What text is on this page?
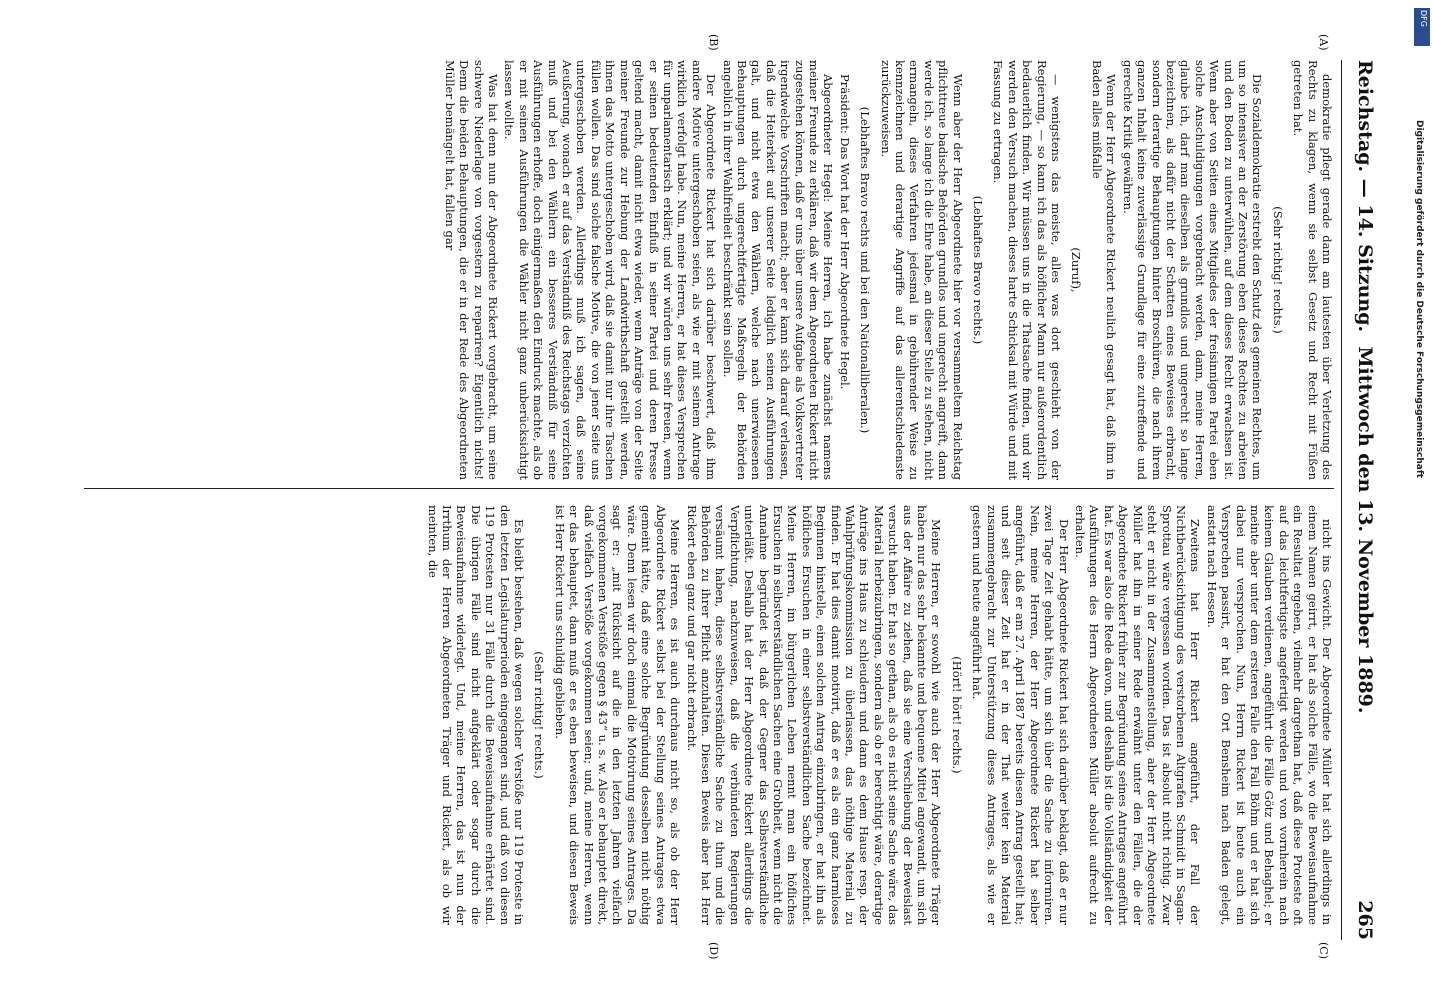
Reichstag. — 14. Sitzung.
Mittwoch den 13. November 1889.
265
(A)
(B)
(C)
(D)

demokratie pflegt gerade dann am lautesten über Verletzung des Rechts zu klagen, wenn sie selbst Gesetz und Recht mit Füßen getreten hat.

(Sehr richtig! rechts.)

Die Sozialdemokratie erstrebt den Schutz des gemeinen Rechtes, um um so intensiver an der Zerstörung eben dieses Rechtes zu arbeiten und den Boden zu unterwühlen, auf dem dieses Recht erwachsen ist. Wenn aber von Seiten eines Mitgliedes der freisinnigen Partei eben solche Anschuldigungen vorgebracht werden, dann, meine Herren, glaube ich, darf man dieselben als grundlos und ungerecht so lange bezeichnen, als dafür nicht der Schatten eines Beweises erbracht, sondern derartige Behauptungen hinter Broschüren, die nach ihrem ganzen Inhalt keine zuverlässige Grundlage für eine zutreffende und gerechte Kritik gewähren.

Wenn der Herr Abgeordnete Rickert neulich gesagt hat, daß ihm in Baden alles mißfalle

(Zuruf),

— wenigstens das meiste, alles was dort geschieht von der Regierung, — so kann ich das als höflicher Mann nur außerordentlich bedauerlich finden. Wir müssen uns in die Thatsache finden, und wir werden den Versuch machen, dieses harte Schicksal mit Würde und mit Fassung zu ertragen.

(Lebhaftes Bravo rechts.)

Wenn aber der Herr Abgeordnete hier vor versammeltem Reichstag pflichttreue badische Behörden grundlos und ungerecht angreift, dann werde ich, so lange ich die Ehre habe, an dieser Stelle zu stehen, nicht ermangeln, dieses Verfahren jedesmal in gebührender Weise zu kennzeichnen und derartige Angriffe auf das allerentschiedenste zurückzuweisen.

(Lebhaftes Bravo rechts und bei den Nationalliberalen.)

Präsident: Das Wort hat der Herr Abgeordnete Hegel.

Abgeordneter Hegel: Meine Herren, ich habe zunächst namens meiner Freunde zu erklären, daß wir dem Abgeordneten Rickert nicht zugestehen können, daß er uns über unsere Aufgabe als Volksvertreter irgendwelche Vorschriften macht; aber er kann sich darauf verlassen, daß die Heiterkeit auf unserer Seite lediglich seinen Ausführungen galt, und nicht etwa den Wählern, welche nach unerwiesenen Behauptungen durch ungerechtfertigte Maßregeln der Behörden angeblich in ihrer Wahlfreiheit beschränkt sein sollen.

Der Abgeordnete Rickert hat sich darüber beschwert, daß ihm andere Motive untergeschoben seien, als wie er mit seinem Antrage wirklich verfolgt habe. Nun, meine Herren, er hat dieses Versprechen für unparlamentarisch erklärt; und wir würden uns sehr freuen, wenn er seinen bedeutenden Einfluß in seiner Partei und deren Presse geltend macht, damit nicht etwa wieder, wenn Anträge von der Seite meiner Freunde zur Hebung der Landwirthschaft gestellt werden, ihnen das Motto untergeschoben wird, daß sie damit nur ihre Taschen füllen wollen. Das sind solche falsche Motive, die von jener Seite uns untergeschoben werden. Allerdings muß ich sagen, daß seine Aeußerung, wonach er auf das Verständniß des Reichstags verzichten muß und bei den Wählern ein besseres Verständniß für seine Ausführungen erhoffe, doch einigermaßen den Eindruck machte, als ob er mit seinen Ausführungen die Wähler nicht ganz unberücksichtigt lassen wollte.

Was hat denn nun der Abgeordnete Rickert vorgebracht, um seine schwere Niederlage von vorgestern zu repariren? Eigentlich nichts! Denn die beiden Behauptungen, die er in der Rede des Abgeordneten Müller bemängelt hat, fallen gar

nicht ins Gewicht. Der Abgeordnete Müller hat sich allerdings in einem Namen geirrt, er hat als solche Fälle, wo die Beweisaufnahme ein Resultat ergeben, vielmehr dargethan hat, daß diese Proteste oft auf das leichtfertigste angefertigt werden und von vornherein nach keinem Glauben verdienen, angeführt die Fälle Götz und Behaghel; er meinte aber unter dem ersteren Falle den Fall Böhm und er hat sich dabei nur versprochen. Nun, Herrn Rickert ist heute auch ein Versprechen passirt, er hat den Ort Bensheim nach Baden gelegt, anstatt nach Hessen.

Zweitens hat Herr Rickert angeführt, der Fall der Nichtberücksichtigung des verstorbenen Altgrafen Schmidt in Sagan-Sprottau wäre vergessen worden. Das ist absolut nicht richtig. Zwar steht er nicht in der Zusammenstellung, aber der Herr Abgeordnete Müller hat ihn in seiner Rede erwähnt unter den Fällen, die der Abgeordnete Rickert früher zur Begründung seines Antrages angeführt hat. Es war also die Rede davon, und deshalb ist die Vollständigkeit der Ausführungen des Herrn Abgeordneten Müller absolut aufrecht zu erhalten.

Der Herr Abgeordnete Rickert hat sich darüber beklagt, daß er nur zwei Tage Zeit gehabt hätte, um sich über die Sache zu informiren. Nein, meine Herren, der Herr Abgeordnete Rickert hat selber angeführt, daß er am 27. April 1887 bereits diesen Antrag gestellt hat; und seit dieser Zeit hat er in der That weiter kein Material zusammengebracht zur Unterstützung dieses Antrages, als wie er gestern und heute angeführt hat.

(Hört! hört! rechts.)

Meine Herren, er sowohl wie auch der Herr Abgeordnete Träger haben nur das sehr bekannte und bequeme Mittel angewandt, um sich aus der Affaire zu ziehen, daß sie eine Verschiebung der Beweislast versucht haben. Er hat so gethan, als ob es nicht seine Sache wäre, das Material herbeizubringen, sondern als ob er berechtigt wäre, derartige Anträge ins Haus zu schleudern und dann es dem Hause resp. der Wahlprüfungskommission zu überlassen, das nöthige Material zu finden. Er hat dies damit motivirt, daß er es als ein ganz harmloses Beginnen hinstelle, einen solchen Antrag einzubringen, er hat ihn als höfliches Ersuchen in einer selbstverständlichen Sache bezeichnet. Meine Herren, im bürgerlichen Leben nennt man ein höfliches Ersuchen in selbstverständlichen Sachen eine Grobheit, wenn nicht die Annahme begründet ist, daß der Gegner das Selbstverständliche unterläßt. Deshalb hat der Herr Abgeordnete Rickert allerdings die Verpflichtung, nachzuweisen, daß die verbündeten Regierungen versäumt haben, diese selbstverständliche Sache zu thun und die Behörden zu ihrer Pflicht anzuhalten. Diesen Beweis aber hat Herr Rickert eben ganz und gar nicht erbracht.

Meine Herren, es ist auch durchaus nicht so, als ob der Herr Abgeordnete Rickert selbst bei der Stellung seines Antrages etwa gemeint hätte, daß eine solche Begründung desselben nicht nöthig wäre. Denn lesen wir doch einmal die Motivirung seines Antrages. Da sagt er: „mit Rücksicht auf die in den letzten Jahren vielfach vorgekommenen Verstöße gegen § 43“ u. s. w. Also er behauptet direkt, daß vielfach Verstöße vorgekommen seien; und, meine Herren, wenn er das behauptet, dann muß er es eben beweisen, und diesen Beweis ist Herr Rickert uns schuldig geblieben.

(Sehr richtig! rechts.)

Es bleibt bestehen, daß wegen solcher Verstöße nur 119 Proteste in den letzten Legislaturperioden eingegangen sind, und daß von diesen 119 Protesten nur 31 Fälle durch die Beweisaufnahme erhärtet sind. Die übrigen Fälle sind nicht aufgeklärt oder sogar durch die Beweisaufnahme widerlegt. Und, meine Herren, das ist nun der Irrthum der Herren Abgeordneten Träger und Rickert, als ob wir meinten, die

Digitalisierung gefördert durch die Deutsche Forschungsgemeinschaft
DFG
